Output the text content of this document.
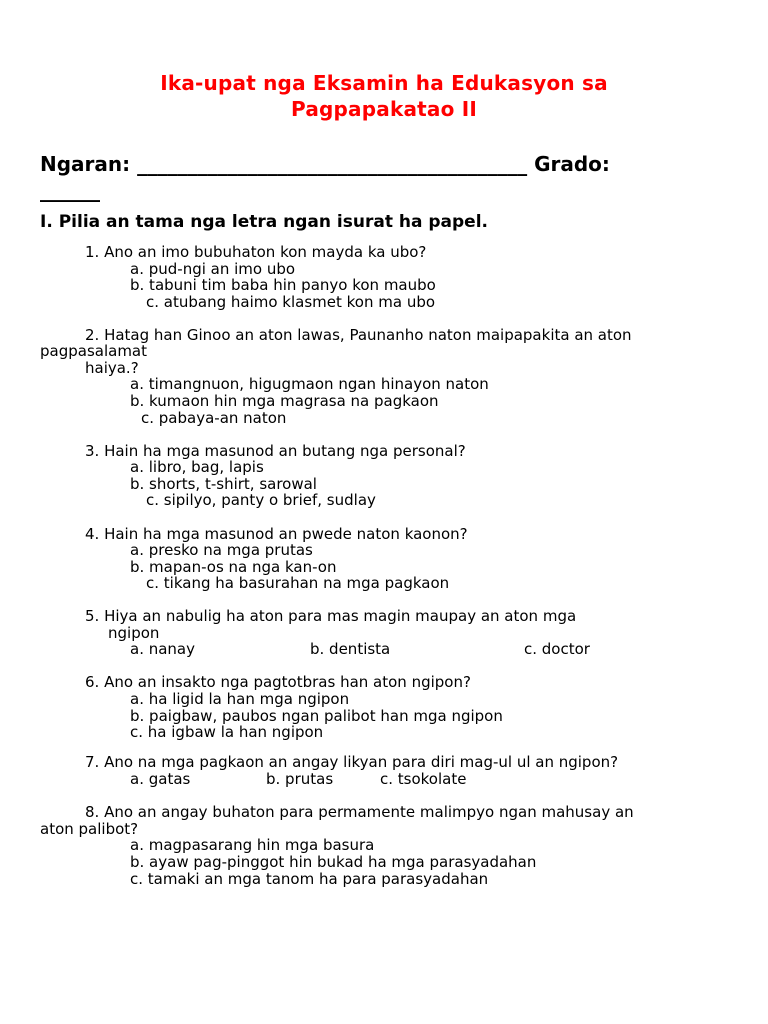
Ika-upat nga Eksamin ha Edukasyon sa
Pagpapakatao II
Ngaran: _______________________________________ Grado:
______
I. Pilia an tama nga letra ngan isurat ha papel.
1. Ano an imo bubuhaton kon mayda ka ubo?
a. pud-ngi an imo ubo
b. tabuni tim baba hin panyo kon maubo
c. atubang haimo klasmet kon ma ubo
2. Hatag han Ginoo an aton lawas, Paunanho naton maipapakita an aton
pagpasalamat
haiya.?
a. timangnuon, higugmaon ngan hinayon naton
b. kumaon hin mga magrasa na pagkaon
c. pabaya-an naton
3. Hain ha mga masunod an butang nga personal?
a. libro, bag, lapis
b. shorts, t-shirt, sarowal
c. sipilyo, panty o brief, sudlay
4. Hain ha mga masunod an pwede naton kaonon?
a. presko na mga prutas
b. mapan-os na nga kan-on
c. tikang ha basurahan na mga pagkaon
5. Hiya an nabulig ha aton para mas magin maupay an aton mga
ngipon
a. nanay	b. dentista	c. doctor
6. Ano an insakto nga pagtotbras han aton ngipon?
a. ha ligid la han mga ngipon
b. paigbaw, paubos ngan palibot han mga ngipon
c. ha igbaw la han ngipon
7. Ano na mga pagkaon an angay likyan para diri mag-ul ul an ngipon?
a. gatas	b. prutas	c. tsokolate
8. Ano an angay buhaton para permamente malimpyo ngan mahusay an
aton palibot?
a. magpasarang hin mga basura
b. ayaw pag-pinggot hin bukad ha mga parasyadahan
c. tamaki an mga tanom ha para parasyadahan
